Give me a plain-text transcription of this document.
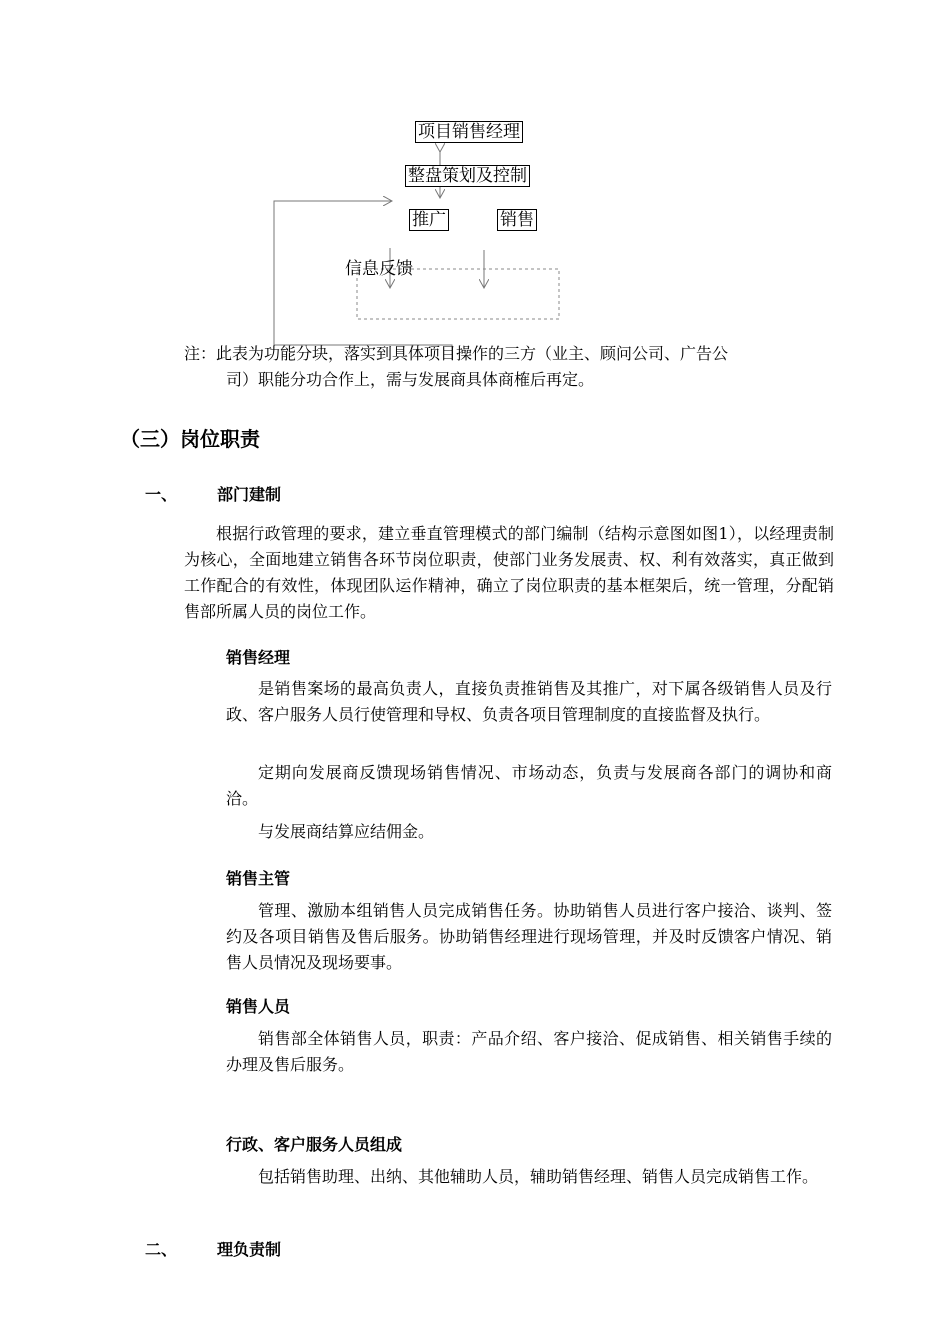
项目销售经理
整盘策划及控制
推广	销售
信息反馈
注：此表为功能分块，落实到具体项目操作的三方（业主、顾问公司、广告公
司）职能分功合作上，需与发展商具体商榷后再定。
（三）岗位职责
一、 部门建制
根据行政管理的要求，建立垂直管理模式的部门编制（结构示意图如图1），以经理责制为核心，全面地建立销售各环节岗位职责，使部门业务发展责、权、利有效落实，真正做到工作配合的有效性，体现团队运作精神，确立了岗位职责的基本框架后，统一管理，分配销售部所属人员的岗位工作。
销售经理
是销售案场的最高负责人，直接负责推销售及其推广，对下属各级销售人员及行政、客户服务人员行使管理和导权、负责各项目管理制度的直接监督及执行。
定期向发展商反馈现场销售情况、市场动态，负责与发展商各部门的调协和商洽。
与发展商结算应结佣金。
销售主管
管理、激励本组销售人员完成销售任务。协助销售人员进行客户接洽、谈判、签约及各项目销售及售后服务。协助销售经理进行现场管理，并及时反馈客户情况、销售人员情况及现场要事。
销售人员
销售部全体销售人员，职责：产品介绍、客户接洽、促成销售、相关销售手续的办理及售后服务。
行政、客户服务人员组成
包括销售助理、出纳、其他辅助人员，辅助销售经理、销售人员完成销售工作。
二、 理负责制
